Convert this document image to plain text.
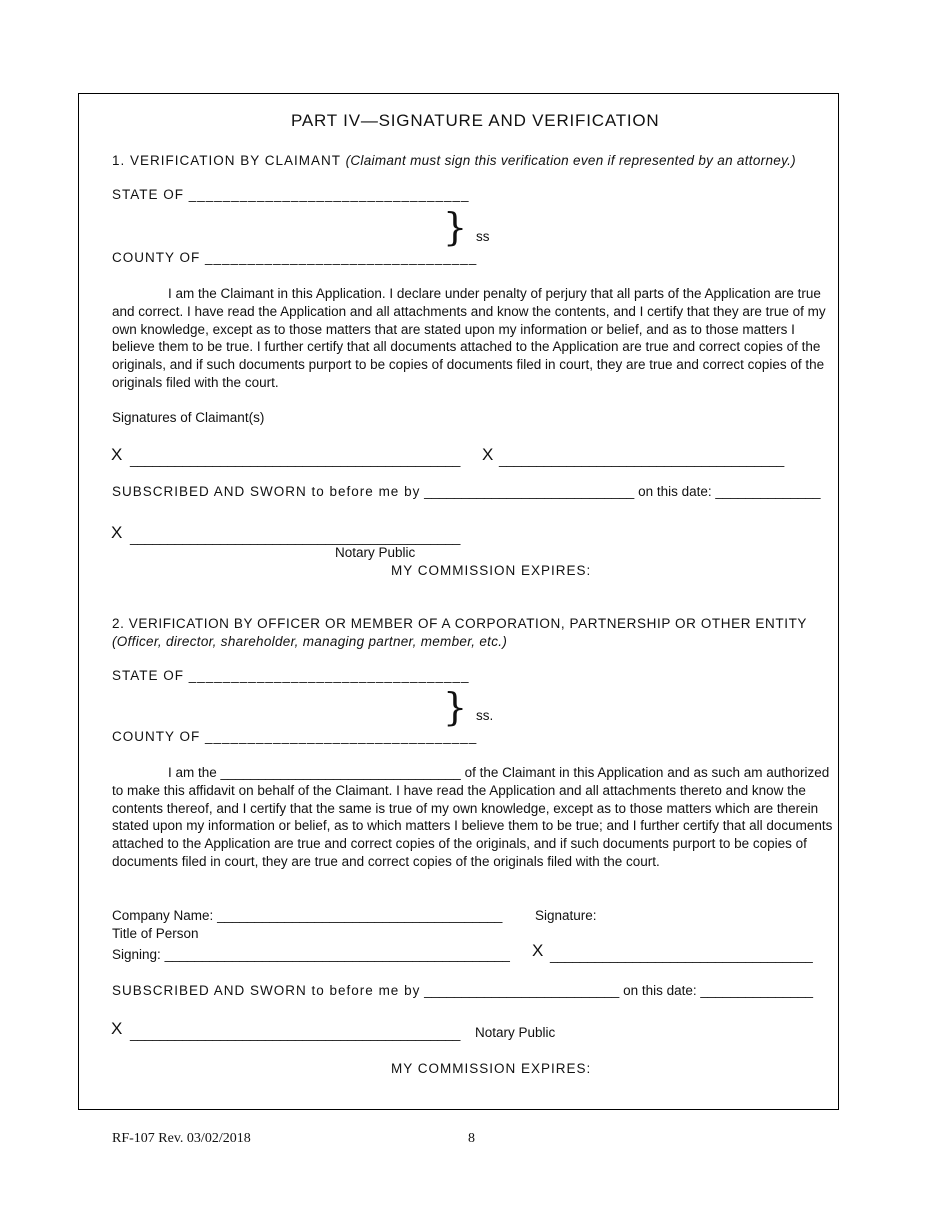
PART IV—SIGNATURE AND VERIFICATION
1. VERIFICATION BY CLAIMANT (Claimant must sign this verification even if represented by an attorney.)
STATE OF _________________________________
} ss
COUNTY OF ________________________________
I am the Claimant in this Application. I declare under penalty of perjury that all parts of the Application are true and correct. I have read the Application and all attachments and know the contents, and I certify that they are true of my own knowledge, except as to those matters that are stated upon my information or belief, and as to those matters I believe them to be true. I further certify that all documents attached to the Application are true and correct copies of the originals, and if such documents purport to be copies of documents filed in court, they are true and correct copies of the originals filed with the court.
Signatures of Claimant(s)
X ____________________________________________ X ______________________________________
SUBSCRIBED AND SWORN to before me by ____________________________ on this date: ______________
X ____________________________________________
Notary Public
MY COMMISSION EXPIRES:
2. VERIFICATION BY OFFICER OR MEMBER OF A CORPORATION, PARTNERSHIP OR OTHER ENTITY
(Officer, director, shareholder, managing partner, member, etc.)
STATE OF _________________________________
} ss.
COUNTY OF ________________________________
I am the ________________________________ of the Claimant in this Application and as such am authorized to make this affidavit on behalf of the Claimant. I have read the Application and all attachments thereto and know the contents thereof, and I certify that the same is true of my own knowledge, except as to those matters which are therein stated upon my information or belief, as to which matters I believe them to be true; and I further certify that all documents attached to the Application are true and correct copies of the originals, and if such documents purport to be copies of documents filed in court, they are true and correct copies of the originals filed with the court.
Company Name: ______________________________________ Signature:
Title of Person
Signing: ______________________________________________ X ___________________________________
SUBSCRIBED AND SWORN to before me by __________________________ on this date: _______________
X ____________________________________________ Notary Public
MY COMMISSION EXPIRES:
RF-107 Rev. 03/02/2018	8
